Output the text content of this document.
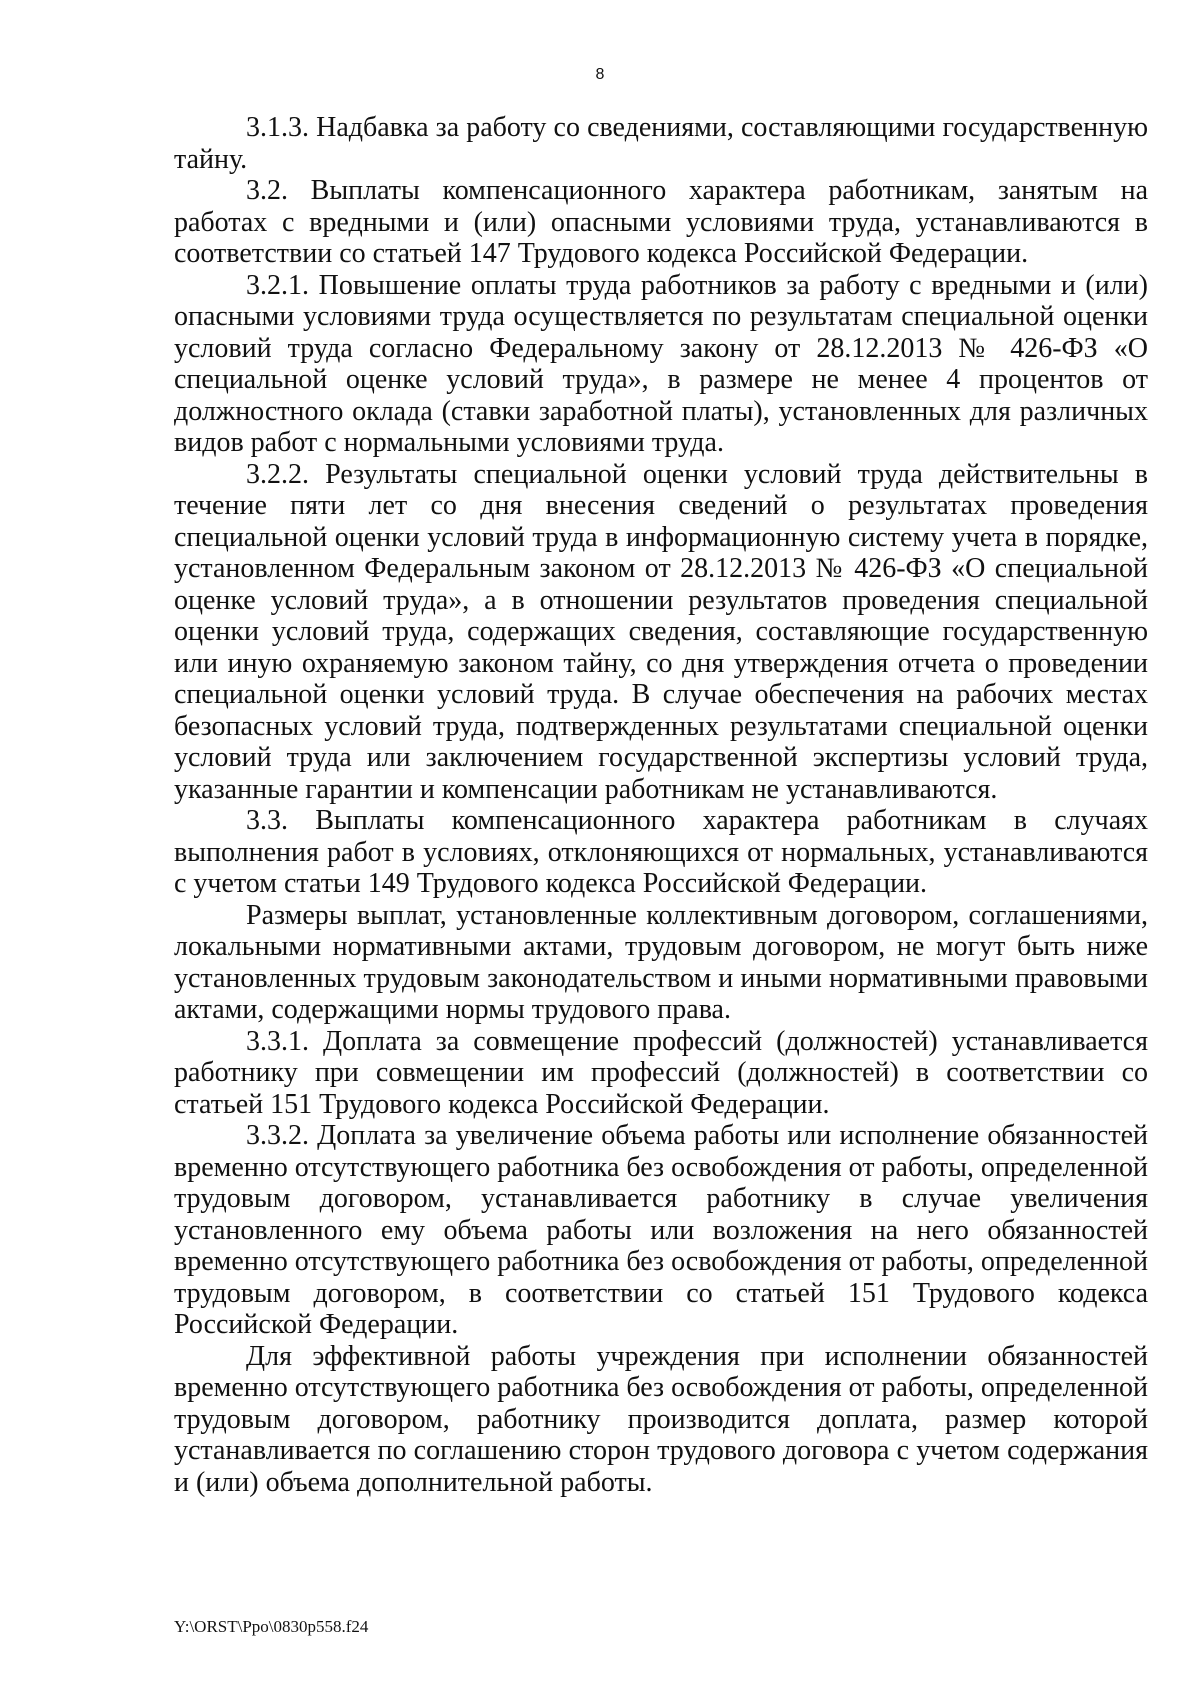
8

3.1.3. Надбавка за работу со сведениями, составляющими государственную тайну.

3.2. Выплаты компенсационного характера работникам, занятым на работах с вредными и (или) опасными условиями труда, устанавливаются в соответствии со статьей 147 Трудового кодекса Российской Федерации.

3.2.1. Повышение оплаты труда работников за работу с вредными и (или) опасными условиями труда осуществляется по результатам специальной оценки условий труда согласно Федеральному закону от 28.12.2013 № 426-ФЗ «О специальной оценке условий труда», в размере не менее 4 процентов от должностного оклада (ставки заработной платы), установленных для различных видов работ с нормальными условиями труда.

3.2.2. Результаты специальной оценки условий труда действительны в течение пяти лет со дня внесения сведений о результатах проведения специальной оценки условий труда в информационную систему учета в порядке, установленном Федеральным законом от 28.12.2013 № 426-ФЗ «О специальной оценке условий труда», а в отношении результатов проведения специальной оценки условий труда, содержащих сведения, составляющие государственную или иную охраняемую законом тайну, со дня утверждения отчета о проведении специальной оценки условий труда. В случае обеспечения на рабочих местах безопасных условий труда, подтвержденных результатами специальной оценки условий труда или заключением государственной экспертизы условий труда, указанные гарантии и компенсации работникам не устанавливаются.

3.3. Выплаты компенсационного характера работникам в случаях выполнения работ в условиях, отклоняющихся от нормальных, устанавливаются с учетом статьи 149 Трудового кодекса Российской Федерации.

Размеры выплат, установленные коллективным договором, соглашениями, локальными нормативными актами, трудовым договором, не могут быть ниже установленных трудовым законодательством и иными нормативными правовыми актами, содержащими нормы трудового права.

3.3.1. Доплата за совмещение профессий (должностей) устанавливается работнику при совмещении им профессий (должностей) в соответствии со статьей 151 Трудового кодекса Российской Федерации.

3.3.2. Доплата за увеличение объема работы или исполнение обязанностей временно отсутствующего работника без освобождения от работы, определенной трудовым договором, устанавливается работнику в случае увеличения установленного ему объема работы или возложения на него обязанностей временно отсутствующего работника без освобождения от работы, определенной трудовым договором, в соответствии со статьей 151 Трудового кодекса Российской Федерации.

Для эффективной работы учреждения при исполнении обязанностей временно отсутствующего работника без освобождения от работы, определенной трудовым договором, работнику производится доплата, размер которой устанавливается по соглашению сторон трудового договора с учетом содержания и (или) объема дополнительной работы.

Y:\ORST\Ppo\0830p558.f24
